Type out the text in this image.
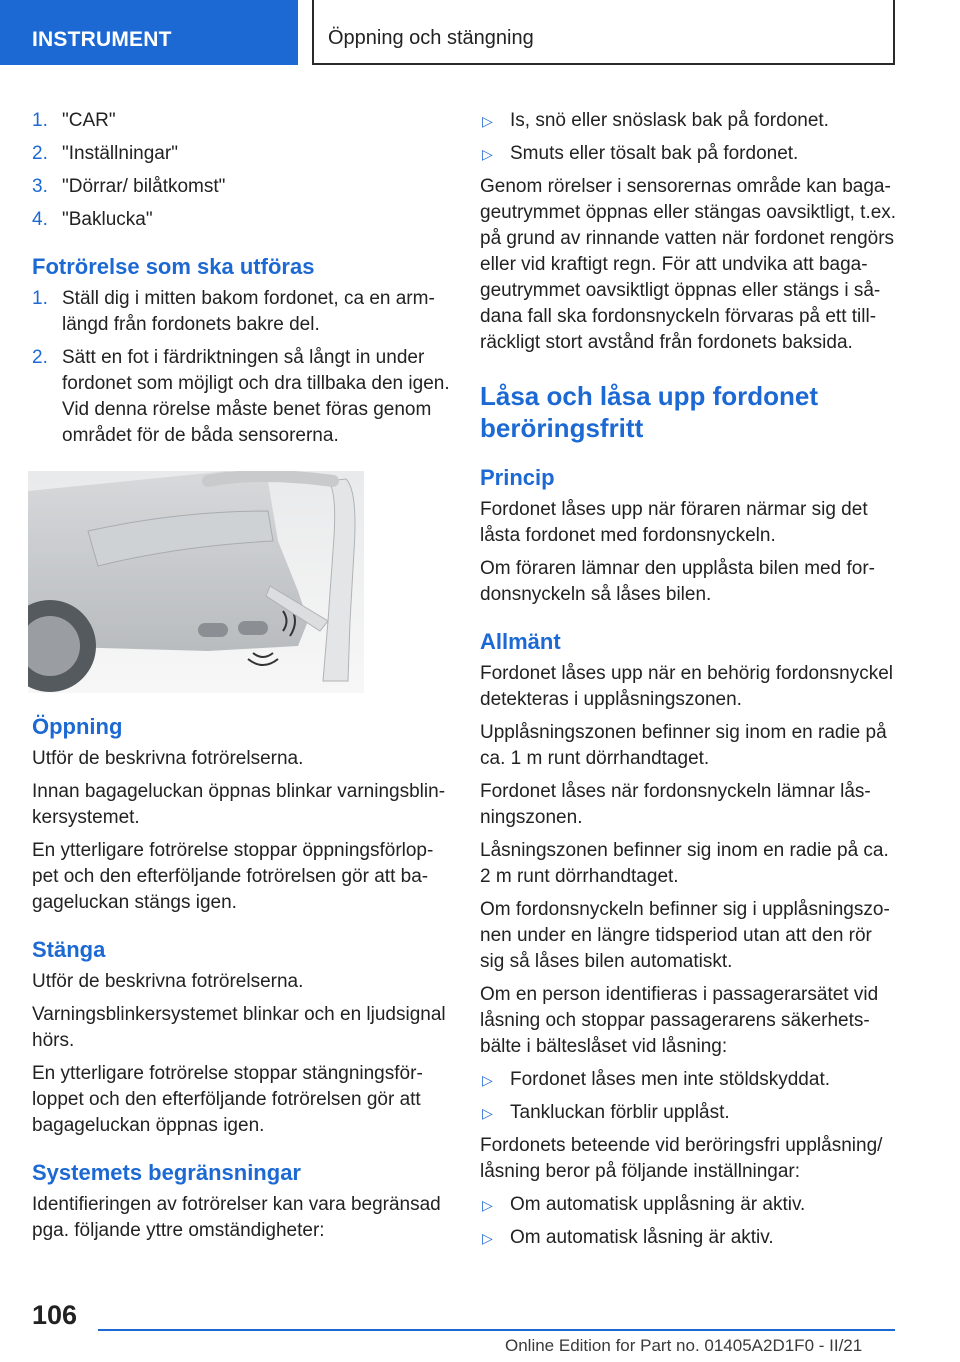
INSTRUMENT	Öppning och stängning
1. "CAR"
2. "Inställningar"
3. "Dörrar/ bilåtkomst"
4. "Baklucka"
Fotrörelse som ska utföras
1. Ställ dig i mitten bakom fordonet, ca en armlängd från fordonets bakre del.
2. Sätt en fot i färdriktningen så långt in under fordonet som möjligt och dra tillbaka den igen. Vid denna rörelse måste benet föras genom området för de båda sensorerna.
Öppning
Utför de beskrivna fotrörelserna.
Innan bagageluckan öppnas blinkar varningsblinkersystemet.
En ytterligare fotrörelse stoppar öppningsförloppet och den efterföljande fotrörelsen gör att bagageluckan stängs igen.
Stänga
Utför de beskrivna fotrörelserna.
Varningsblinkersystemet blinkar och en ljudsignal hörs.
En ytterligare fotrörelse stoppar stängningsförloppet och den efterföljande fotrörelsen gör att bagageluckan öppnas igen.
Systemets begränsningar
Identifieringen av fotrörelser kan vara begränsad pga. följande yttre omständigheter:
▷ Is, snö eller snöslask bak på fordonet.
▷ Smuts eller tösalt bak på fordonet.
Genom rörelser i sensorernas område kan bagageutrymmet öppnas eller stängas oavsiktligt, t.ex. på grund av rinnande vatten när fordonet rengörs eller vid kraftigt regn. För att undvika att bagageutrymmet oavsiktligt öppnas eller stängs i sådana fall ska fordonsnyckeln förvaras på ett tillräckligt stort avstånd från fordonets baksida.
Låsa och låsa upp fordonet beröringsfritt
Princip
Fordonet låses upp när föraren närmar sig det låsta fordonet med fordonsnyckeln.
Om föraren lämnar den upplåsta bilen med fordonsnyckeln så låses bilen.
Allmänt
Fordonet låses upp när en behörig fordonsnyckel detekteras i upplåsningszonen.
Upplåsningszonen befinner sig inom en radie på ca. 1 m runt dörrhandtaget.
Fordonet låses när fordonsnyckeln lämnar låsningszonen.
Låsningszonen befinner sig inom en radie på ca. 2 m runt dörrhandtaget.
Om fordonsnyckeln befinner sig i upplåsningszonen under en längre tidsperiod utan att den rör sig så låses bilen automatiskt.
Om en person identifieras i passagerarsätet vid låsning och stoppar passagerarens säkerhetsbälte i bälteslåset vid låsning:
▷ Fordonet låses men inte stöldskyddat.
▷ Tankluckan förblir upplåst.
Fordonets beteende vid beröringsfri upplåsning/ låsning beror på följande inställningar:
▷ Om automatisk upplåsning är aktiv.
▷ Om automatisk låsning är aktiv.
106
Online Edition for Part no. 01405A2D1F0 - II/21
